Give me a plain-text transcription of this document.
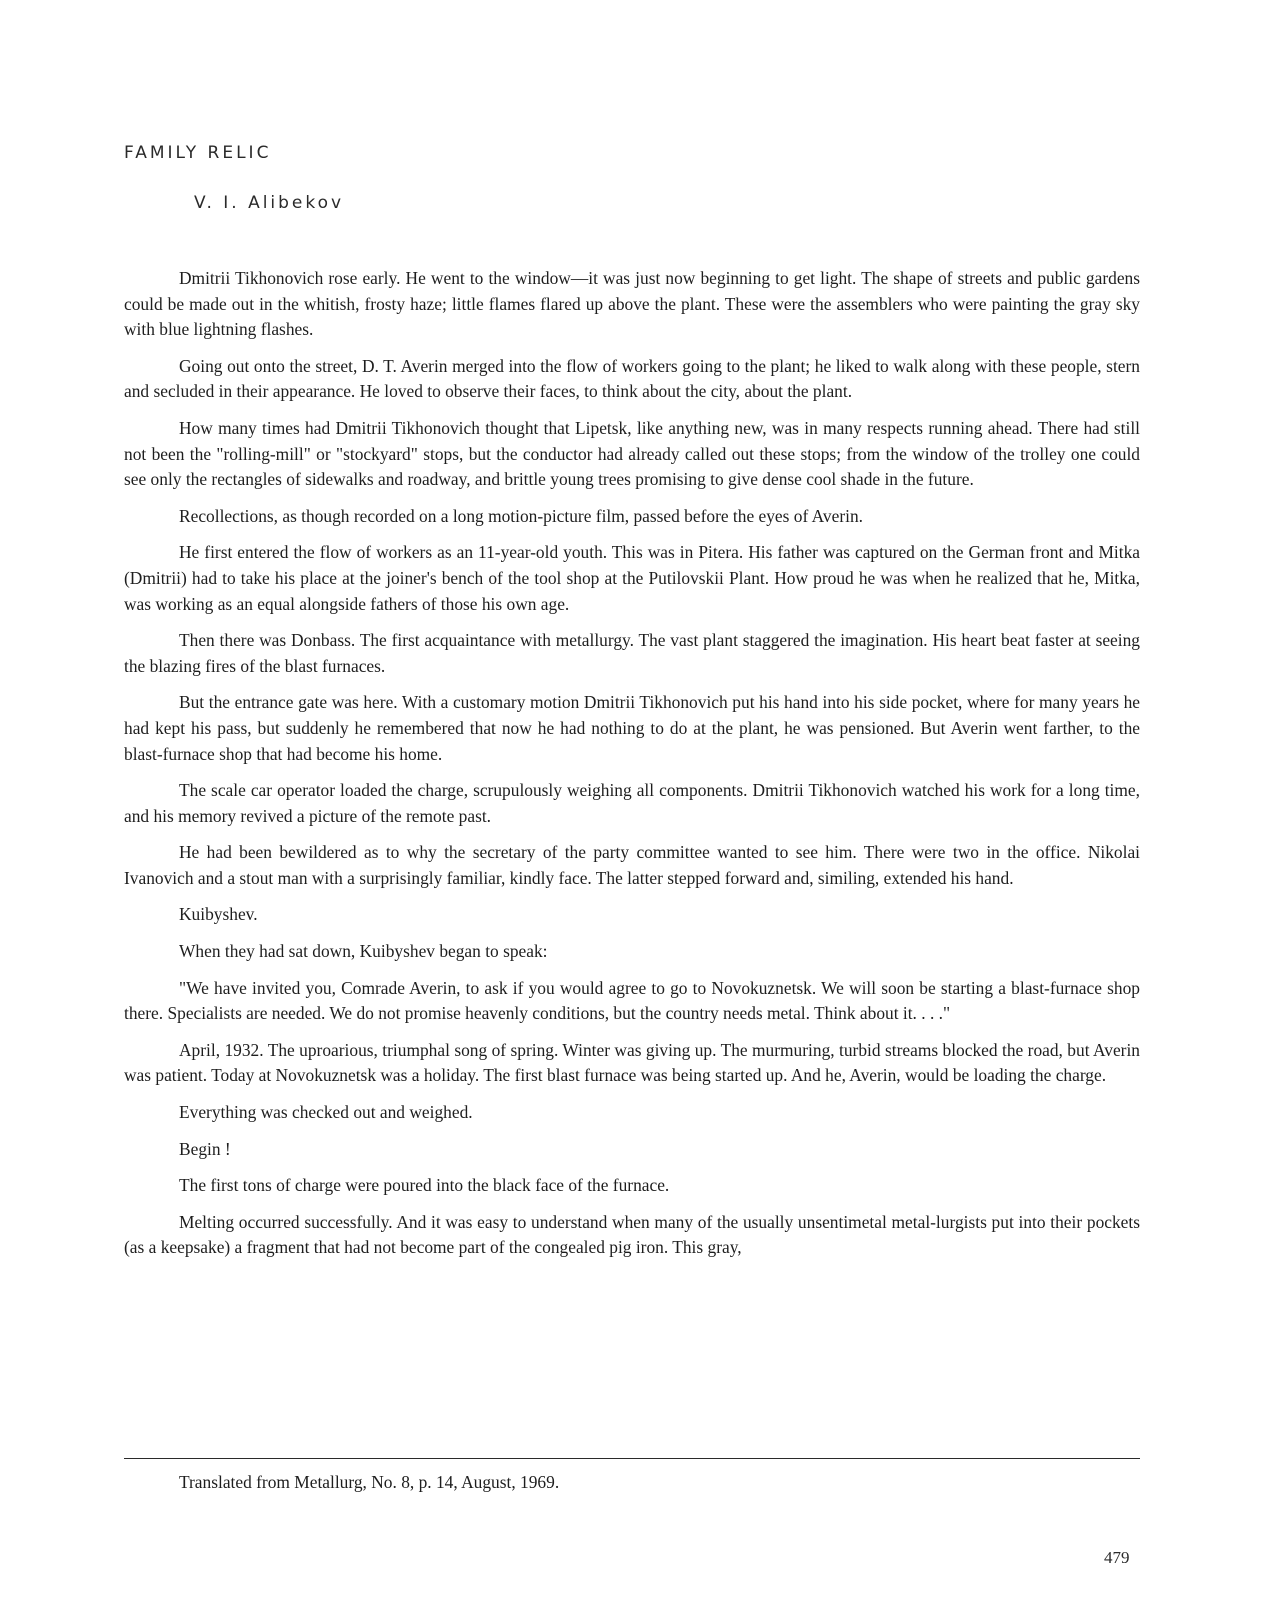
FAMILY RELIC

V. I. Alibekov

Dmitrii Tikhonovich rose early. He went to the window—it was just now beginning to get light. The shape of streets and public gardens could be made out in the whitish, frosty haze; little flames flared up above the plant. These were the assemblers who were painting the gray sky with blue lightning flashes.

Going out onto the street, D. T. Averin merged into the flow of workers going to the plant; he liked to walk along with these people, stern and secluded in their appearance. He loved to observe their faces, to think about the city, about the plant.

How many times had Dmitrii Tikhonovich thought that Lipetsk, like anything new, was in many respects running ahead. There had still not been the "rolling-mill" or "stockyard" stops, but the conductor had already called out these stops; from the window of the trolley one could see only the rectangles of sidewalks and roadway, and brittle young trees promising to give dense cool shade in the future.

Recollections, as though recorded on a long motion-picture film, passed before the eyes of Averin.

He first entered the flow of workers as an 11-year-old youth. This was in Pitera. His father was captured on the German front and Mitka (Dmitrii) had to take his place at the joiner's bench of the tool shop at the Putilovskii Plant. How proud he was when he realized that he, Mitka, was working as an equal alongside fathers of those his own age.

Then there was Donbass. The first acquaintance with metallurgy. The vast plant staggered the imagination. His heart beat faster at seeing the blazing fires of the blast furnaces.

But the entrance gate was here. With a customary motion Dmitrii Tikhonovich put his hand into his side pocket, where for many years he had kept his pass, but suddenly he remembered that now he had nothing to do at the plant, he was pensioned. But Averin went farther, to the blast-furnace shop that had become his home.

The scale car operator loaded the charge, scrupulously weighing all components. Dmitrii Tikhonovich watched his work for a long time, and his memory revived a picture of the remote past.

He had been bewildered as to why the secretary of the party committee wanted to see him. There were two in the office. Nikolai Ivanovich and a stout man with a surprisingly familiar, kindly face. The latter stepped forward and, similing, extended his hand.

Kuibyshev.

When they had sat down, Kuibyshev began to speak:

"We have invited you, Comrade Averin, to ask if you would agree to go to Novokuznetsk. We will soon be starting a blast-furnace shop there. Specialists are needed. We do not promise heavenly conditions, but the country needs metal. Think about it. . . ."

April, 1932. The uproarious, triumphal song of spring. Winter was giving up. The murmuring, turbid streams blocked the road, but Averin was patient. Today at Novokuznetsk was a holiday. The first blast furnace was being started up. And he, Averin, would be loading the charge.

Everything was checked out and weighed.

Begin !

The first tons of charge were poured into the black face of the furnace.

Melting occurred successfully. And it was easy to understand when many of the usually unsentimetal metal-lurgists put into their pockets (as a keepsake) a fragment that had not become part of the congealed pig iron. This gray,

Translated from Metallurg, No. 8, p. 14, August, 1969.

479
